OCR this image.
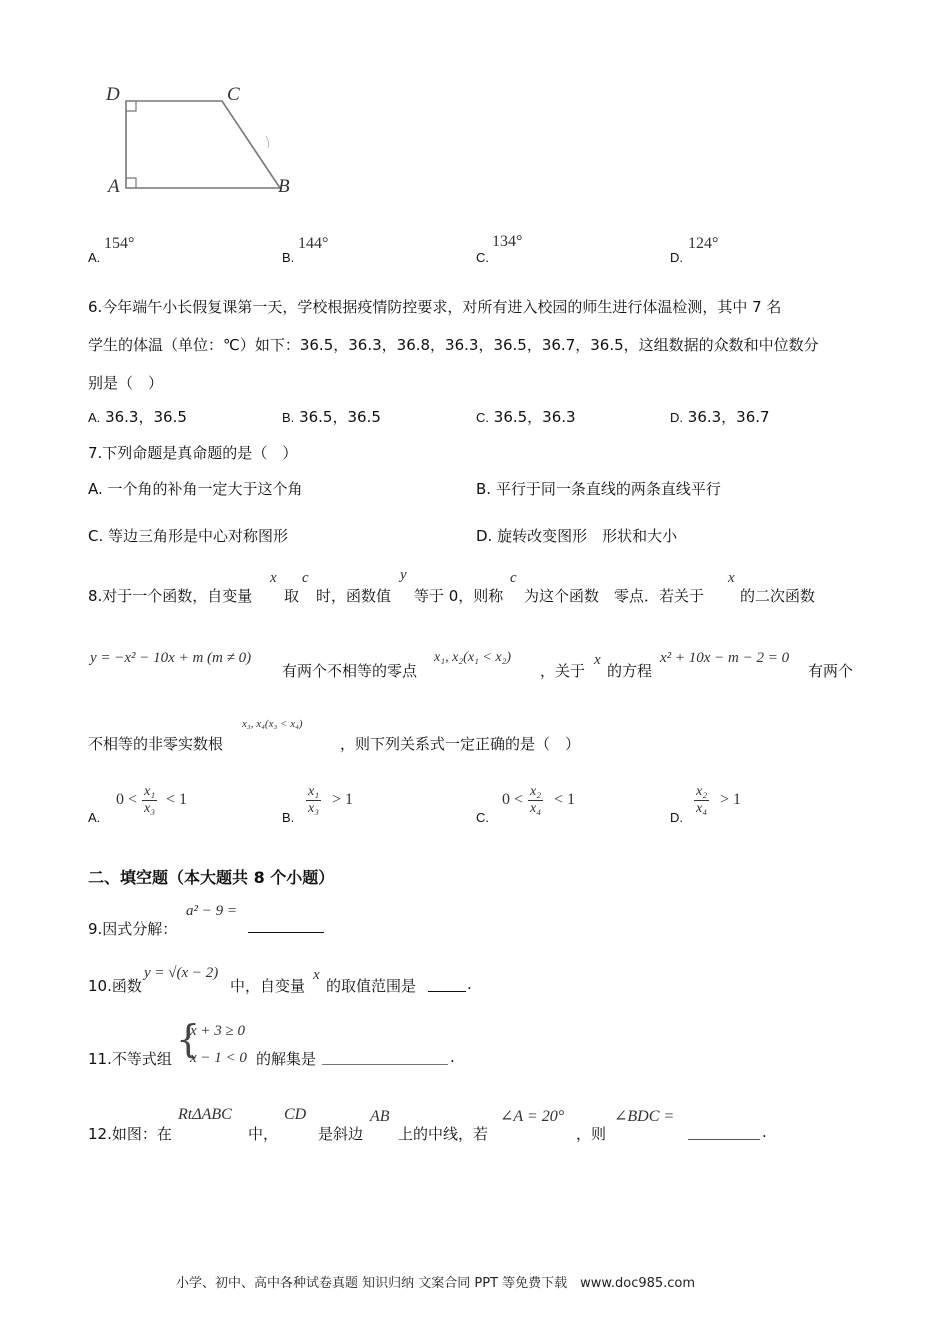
D	C
A	B
A.
154°
B.
144°
C.
134°
D.
124°
6.今年端午小长假复课第一天，学校根据疫情防控要求，对所有进入校园的师生进行体温检测，其中 7 名
学生的体温（单位：℃）如下：36.5，36.3，36.8，36.3，36.5，36.7，36.5，这组数据的众数和中位数分
别是（　）
A. 36.3，36.5	B. 36.5，36.5	C. 36.5，36.3	D. 36.3，36.7
7.下列命题是真命题的是（　）
A. 一个角的补角一定大于这个角	B. 平行于同一条直线的两条直线平行
C. 等边三角形是中心对称图形	D. 旋转改变图形　形状和大小
8.对于一个函数，自变量
x
取
c
时，函数值
y
等于 0，则称
c
为这个函数　零点．若关于
x
的二次函数
y = −x² − 10x + m (m ≠ 0)
有两个不相等的零点
x₁, x₂(x₁ < x₂)
，关于
x
的方程
x² + 10x − m − 2 = 0
有两个
不相等的非零实数根
x₃, x₄(x₃ < x₄)
，则下列关系式一定正确的是（　）
A.
$0 < \frac{\text{x₁}}{\text{x₃}} < 1$
B.
$\frac{\text{x₁}}{\text{x₃}} > 1$
C.
$0 < \frac{\text{x₂}}{\text{x₄}} < 1$
D.
$\frac{\text{x₂}}{\text{x₄}} > 1$
二、填空题（本大题共 8 个小题）
9.因式分解：
a² − 9 =
10.函数
y = √(x − 2)
中，自变量
x
的取值范围是	.
11.不等式组 {
x + 3 ≥ 0
x − 1 < 0 的解集是	.
12.如图：在
RtΔABC
中，
CD
是斜边
AB
上的中线，若
∠A = 20°
，则
∠BDC =
.
小学、初中、高中各种试卷真题 知识归纳 文案合同 PPT 等免费下载　www.doc985.com
